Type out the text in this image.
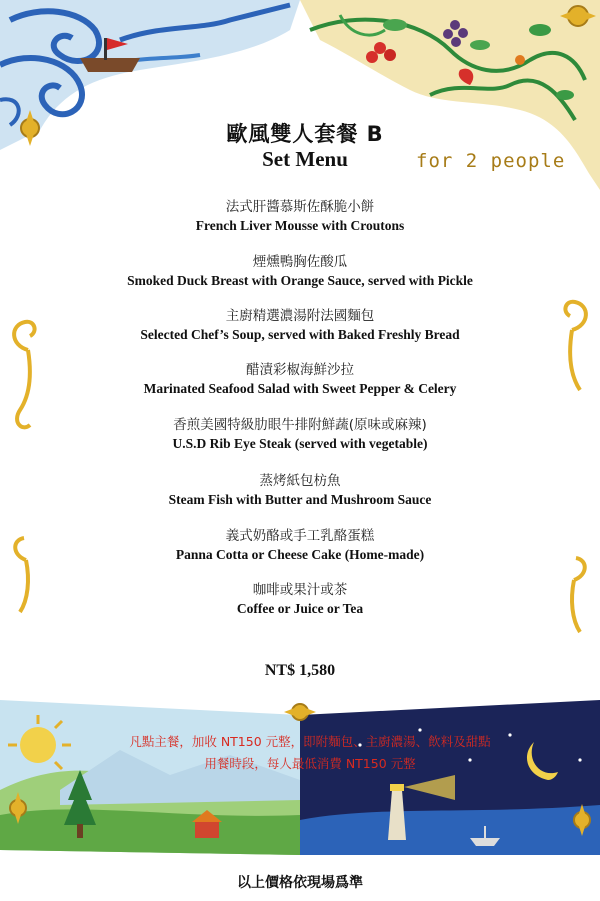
歐風雙人套餐 B
Set Menu	for 2 people
法式肝醬慕斯佐酥脆小餅
French Liver Mousse with Croutons
煙燻鴨胸佐酸瓜
Smoked Duck Breast with Orange Sauce, served with Pickle
主廚精選濃湯附法國麵包
Selected Chef’s Soup, served with Baked Freshly Bread
醋漬彩椒海鮮沙拉
Marinated Seafood Salad with Sweet Pepper & Celery
香煎美國特級肋眼牛排附鮮蔬(原味或麻辣)
U.S.D Rib Eye Steak (served with vegetable)
蒸烤紙包枋魚
Steam Fish with Butter and Mushroom Sauce
義式奶酪或手工乳酪蛋糕
Panna Cotta or Cheese Cake (Home-made)
咖啡或果汁或茶
Coffee or Juice or Tea
NT$ 1,580
凡點主餐，加收 NT150 元整，即附麵包、主廚濃湯、飲料及甜點
用餐時段，每人最低消費 NT150 元整
以上價格依現場爲準
